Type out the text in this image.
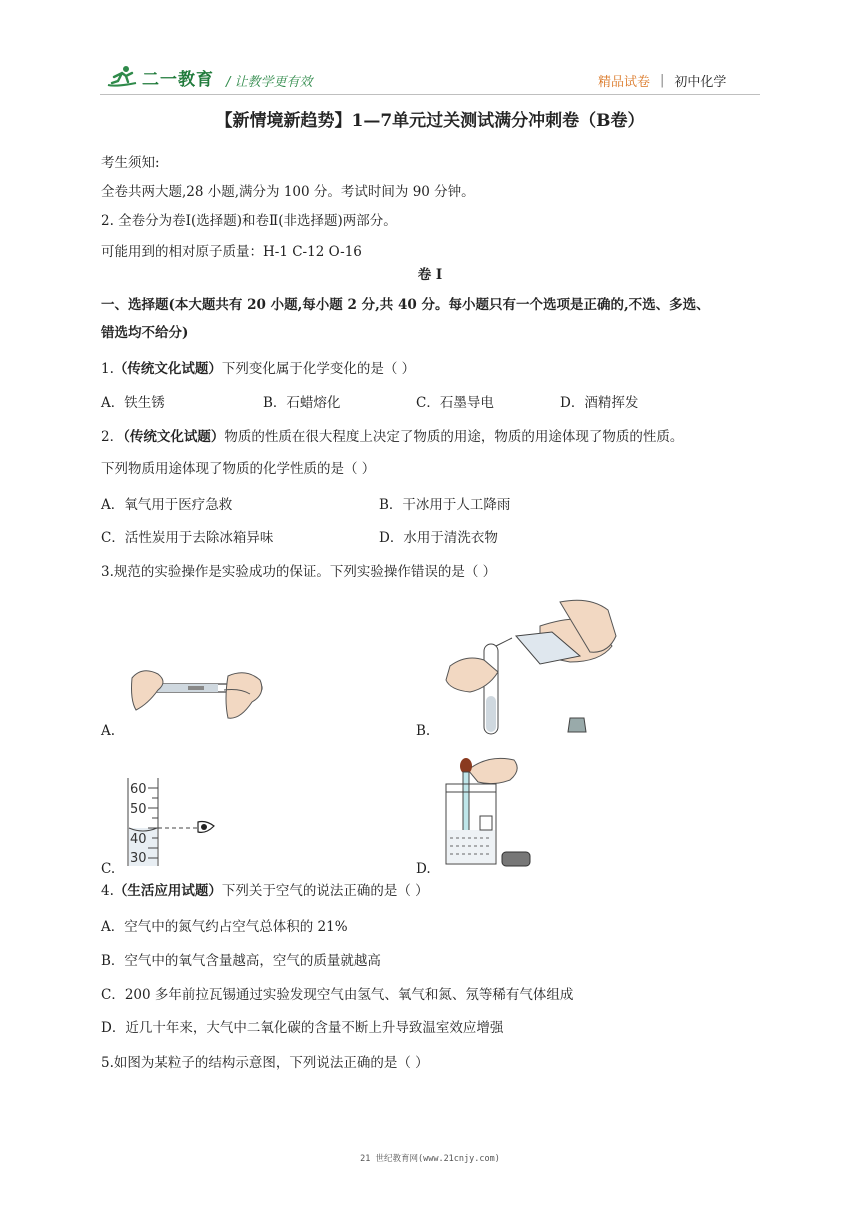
二一教育 / 让教学更有效	精品试卷 | 初中化学
【新情境新趋势】1—7单元过关测试满分冲刺卷（B卷）
考生须知:
全卷共两大题,28 小题,满分为 100 分。考试时间为 90 分钟。
2. 全卷分为卷Ⅰ(选择题)和卷Ⅱ(非选择题)两部分。
可能用到的相对原子质量：H-1 C-12 O-16
卷 Ⅰ
一、选择题(本大题共有 20 小题,每小题 2 分,共 40 分。每小题只有一个选项是正确的,不选、多选、
错选均不给分)
1.（传统文化试题）下列变化属于化学变化的是（ ）
A．铁生锈	B．石蜡熔化	C．石墨导电	D．酒精挥发
2．（传统文化试题）物质的性质在很大程度上决定了物质的用途，物质的用途体现了物质的性质。
下列物质用途体现了物质的化学性质的是（ ）
A．氧气用于医疗急救	B．干冰用于人工降雨
C．活性炭用于去除冰箱异味	D．水用于清洗衣物
3.规范的实验操作是实验成功的保证。下列实验操作错误的是（ ）
A.	B.
60
50
40
30
C.	D.
4.（生活应用试题）下列关于空气的说法正确的是（ ）
A．空气中的氮气约占空气总体积的 21%
B．空气中的氧气含量越高，空气的质量就越高
C．200 多年前拉瓦锡通过实验发现空气由氢气、氧气和氮、氖等稀有气体组成
D．近几十年来，大气中二氧化碳的含量不断上升导致温室效应增强
5.如图为某粒子的结构示意图，下列说法正确的是（ ）
21 世纪教育网(www.21cnjy.com)
